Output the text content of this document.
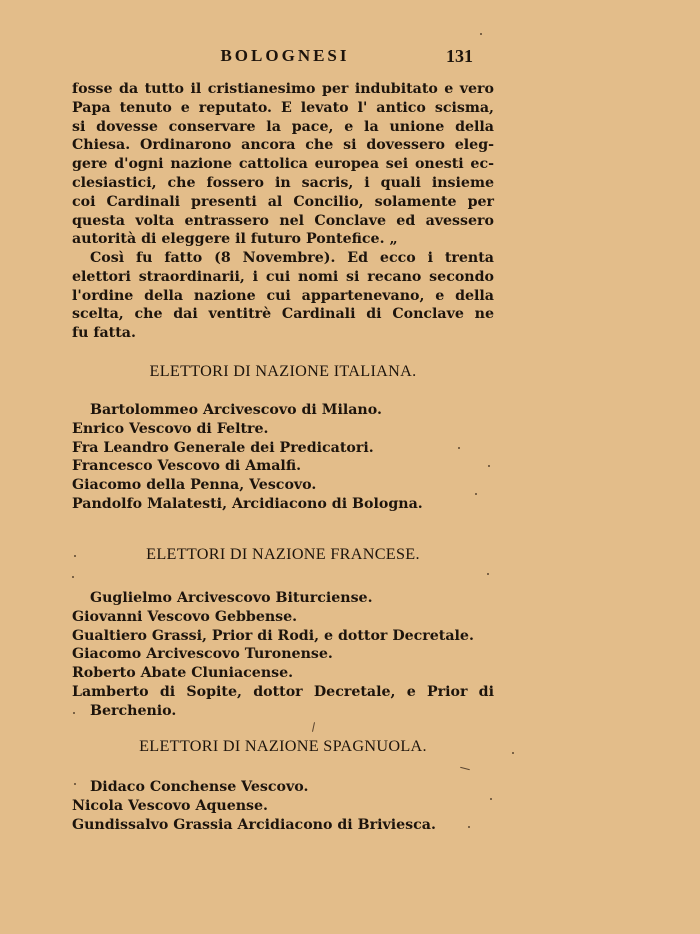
BOLOGNESI	131

fosse da tutto il cristianesimo per indubitato e vero
Papa tenuto e reputato. E levato l' antico scisma,
si dovesse conservare la pace, e la unione della
Chiesa. Ordinarono ancora che si dovessero eleg-
gere d'ogni nazione cattolica europea sei onesti ec-
clesiastici, che fossero in sacris, i quali insieme
coi Cardinali presenti al Concilio, solamente per
questa volta entrassero nel Conclave ed avessero
autorità di eleggere il futuro Pontefice. „

Così fu fatto (8 Novembre). Ed ecco i trenta
elettori straordinarii, i cui nomi si recano secondo
l'ordine della nazione cui appartenevano, e della
scelta, che dai ventitrè Cardinali di Conclave ne
fu fatta.

ELETTORI DI NAZIONE ITALIANA.
Bartolommeo Arcivescovo di Milano.
Enrico Vescovo di Feltre.
Fra Leandro Generale dei Predicatori.
Francesco Vescovo di Amalfi.
Giacomo della Penna, Vescovo.
Pandolfo Malatesti, Arcidiacono di Bologna.
ELETTORI DI NAZIONE FRANCESE.
Guglielmo Arcivescovo Biturciense.
Giovanni Vescovo Gebbense.
Gualtiero Grassi, Prior di Rodi, e dottor Decretale.
Giacomo Arcivescovo Turonense.
Roberto Abate Cluniacense.
Lamberto di Sopite, dottor Decretale, e Prior di
Berchenio.
ELETTORI DI NAZIONE SPAGNUOLA.
Didaco Conchense Vescovo.
Nicola Vescovo Aquense.
Gundissalvo Grassia Arcidiacono di Briviesca.
